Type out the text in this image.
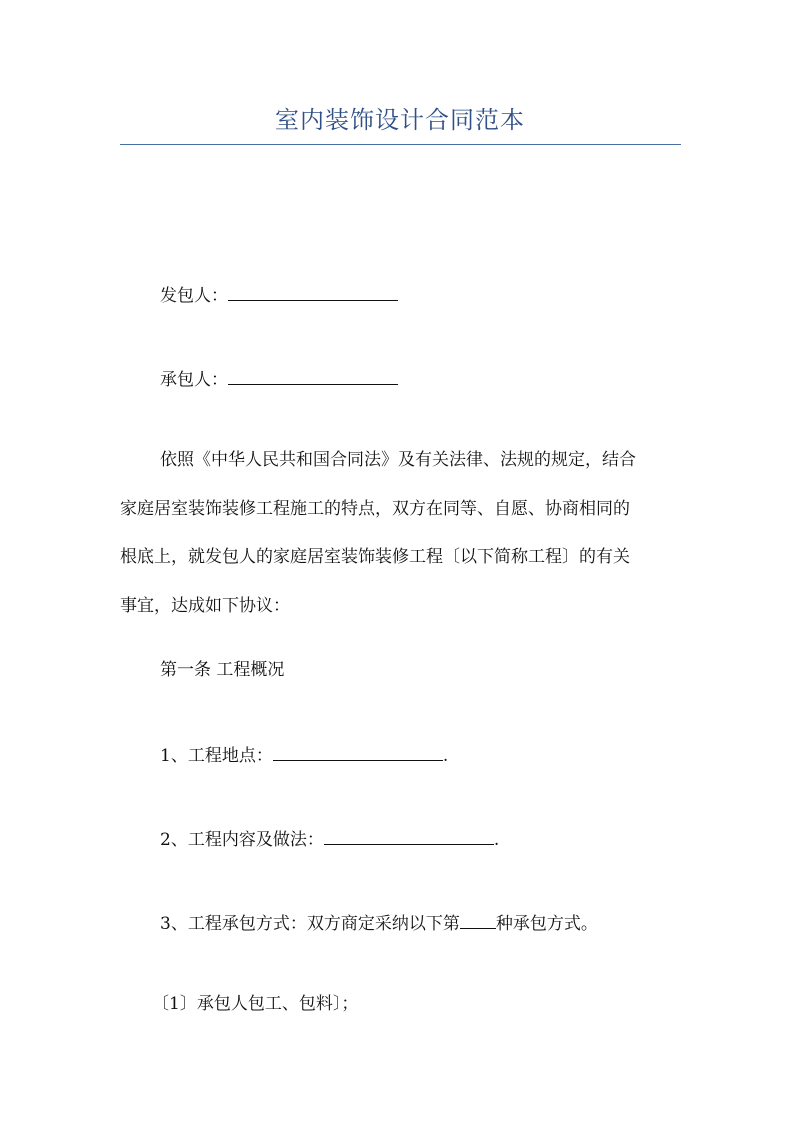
室内装饰设计合同范本
发包人：
承包人：
依照《中华人民共和国合同法》及有关法律、法规的规定，结合
家庭居室装饰装修工程施工的特点，双方在同等、自愿、协商相同的
根底上，就发包人的家庭居室装饰装修工程〔以下简称工程〕的有关
事宜，达成如下协议：
第一条 工程概况
1、工程地点：	.
2、工程内容及做法：	.
3、工程承包方式：双方商定采纳以下第 种承包方式。
〔1〕承包人包工、包料〕；
